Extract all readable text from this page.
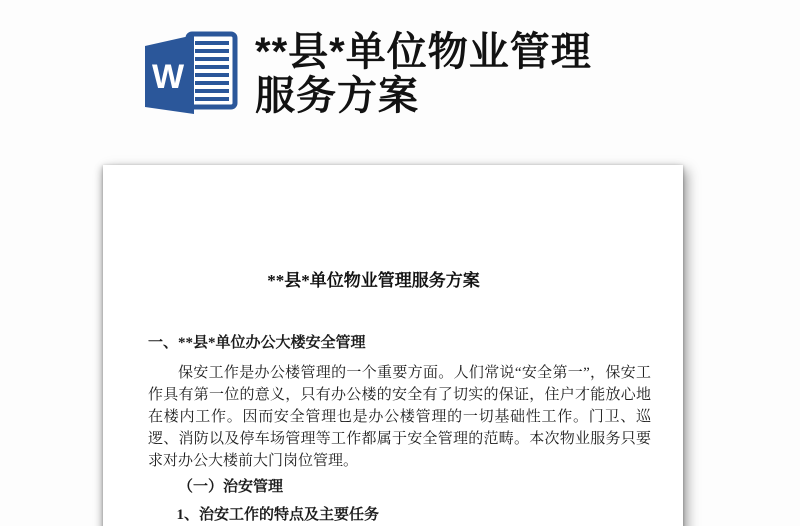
W
**县*单位物业管理服务方案
**县*单位物业管理服务方案
一、**县*单位办公大楼安全管理

保安工作是办公楼管理的一个重要方面。人们常说“安全第一”，保安工作具有第一位的意义，只有办公楼的安全有了切实的保证，住户才能放心地在楼内工作。因而安全管理也是办公楼管理的一切基础性工作。门卫、巡逻、消防以及停车场管理等工作都属于安全管理的范畴。本次物业服务只要求对办公大楼前大门岗位管理。

（一）治安管理
1、治安工作的特点及主要任务
